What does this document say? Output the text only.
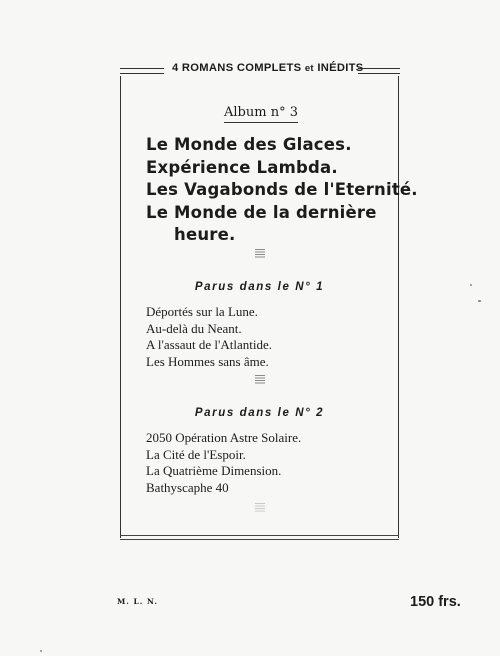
4 ROMANS COMPLETS et INÉDITS
Album n° 3
Le Monde des Glaces.
Expérience Lambda.
Les Vagabonds de l'Eternité.
Le Monde de la dernière
heure.
Parus dans le N° 1
Déportés sur la Lune.
Au-delà du Neant.
A l'assaut de l'Atlantide.
Les Hommes sans âme.
Parus dans le N° 2
2050 Opération Astre Solaire.
La Cité de l'Espoir.
La Quatrième Dimension.
Bathyscaphe 40
M. L. N.	150 frs.
